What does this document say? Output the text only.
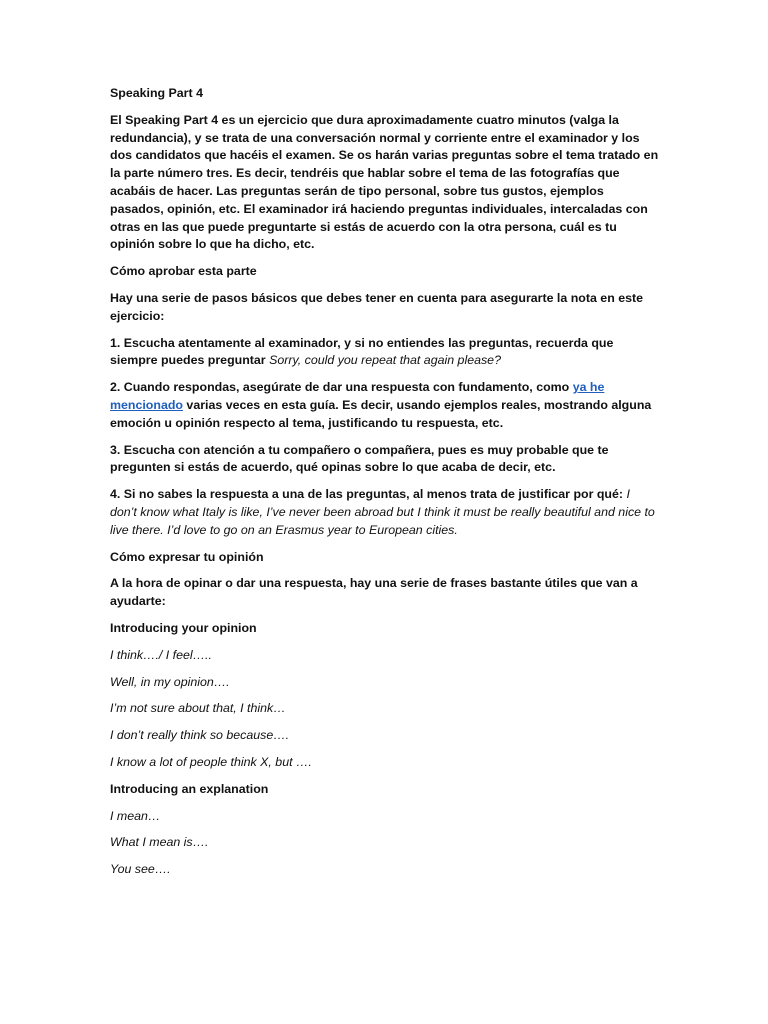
Speaking Part 4

El Speaking Part 4 es un ejercicio que dura aproximadamente cuatro minutos (valga la redundancia), y se trata de una conversación normal y corriente entre el examinador y los dos candidatos que hacéis el examen. Se os harán varias preguntas sobre el tema tratado en la parte número tres. Es decir, tendréis que hablar sobre el tema de las fotografías que acabáis de hacer. Las preguntas serán de tipo personal, sobre tus gustos, ejemplos pasados, opinión, etc. El examinador irá haciendo preguntas individuales, intercaladas con otras en las que puede preguntarte si estás de acuerdo con la otra persona, cuál es tu opinión sobre lo que ha dicho, etc.

Cómo aprobar esta parte

Hay una serie de pasos básicos que debes tener en cuenta para asegurarte la nota en este ejercicio:

1. Escucha atentamente al examinador, y si no entiendes las preguntas, recuerda que siempre puedes preguntar Sorry, could you repeat that again please?

2. Cuando respondas, asegúrate de dar una respuesta con fundamento, como ya he mencionado varias veces en esta guía. Es decir, usando ejemplos reales, mostrando alguna emoción u opinión respecto al tema, justificando tu respuesta, etc.

3. Escucha con atención a tu compañero o compañera, pues es muy probable que te pregunten si estás de acuerdo, qué opinas sobre lo que acaba de decir, etc.

4. Si no sabes la respuesta a una de las preguntas, al menos trata de justificar por qué: I don’t know what Italy is like, I’ve never been abroad but I think it must be really beautiful and nice to live there. I’d love to go on an Erasmus year to European cities.

Cómo expresar tu opinión

A la hora de opinar o dar una respuesta, hay una serie de frases bastante útiles que van a ayudarte:

Introducing your opinion

I think…./ I feel…..

Well, in my opinion….

I’m not sure about that, I think…

I don’t really think so because….

I know a lot of people think X, but ….

Introducing an explanation

I mean…

What I mean is….

You see….
